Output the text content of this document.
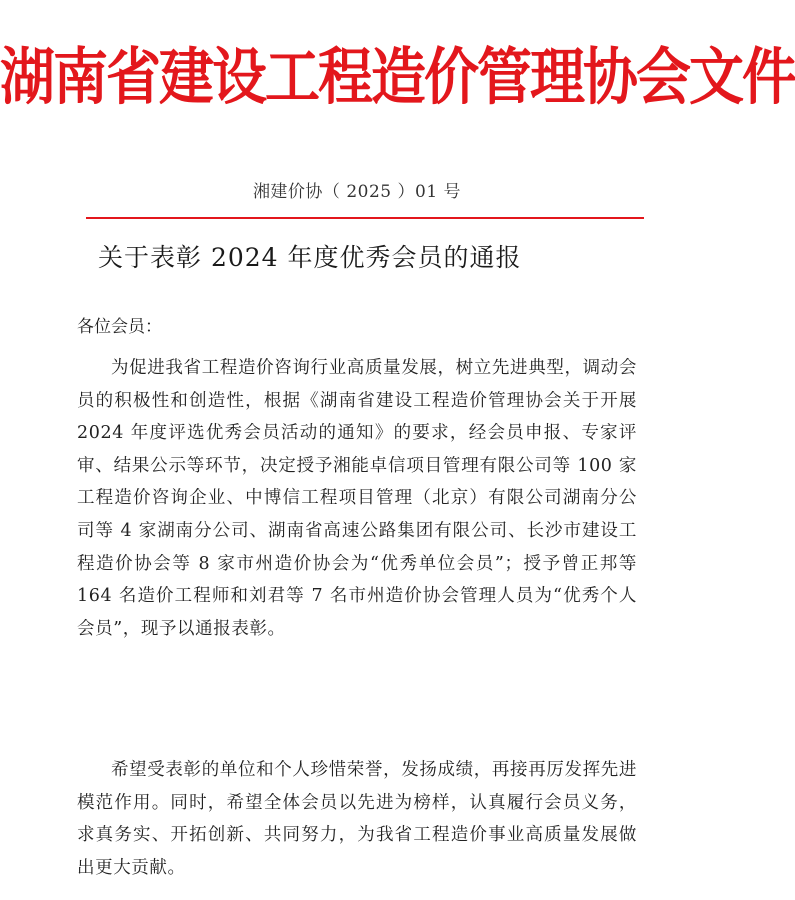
湖南省建设工程造价管理协会文件
湘建价协（ 2025 ）01 号
关于表彰 2024 年度优秀会员的通报
各位会员：

为促进我省工程造价咨询行业高质量发展，树立先进典型，调动会员的积极性和创造性，根据《湖南省建设工程造价管理协会关于开展 2024 年度评选优秀会员活动的通知》的要求，经会员申报、专家评审、结果公示等环节，决定授予湘能卓信项目管理有限公司等 100 家工程造价咨询企业、中博信工程项目管理（北京）有限公司湖南分公司等 4 家湖南分公司、湖南省高速公路集团有限公司、长沙市建设工程造价协会等 8 家市州造价协会为“优秀单位会员”；授予曾正邦等 164 名造价工程师和刘君等 7 名市州造价协会管理人员为“优秀个人会员”，现予以通报表彰。

希望受表彰的单位和个人珍惜荣誉，发扬成绩，再接再厉发挥先进模范作用。同时，希望全体会员以先进为榜样，认真履行会员义务，求真务实、开拓创新、共同努力，为我省工程造价事业高质量发展做出更大贡献。
